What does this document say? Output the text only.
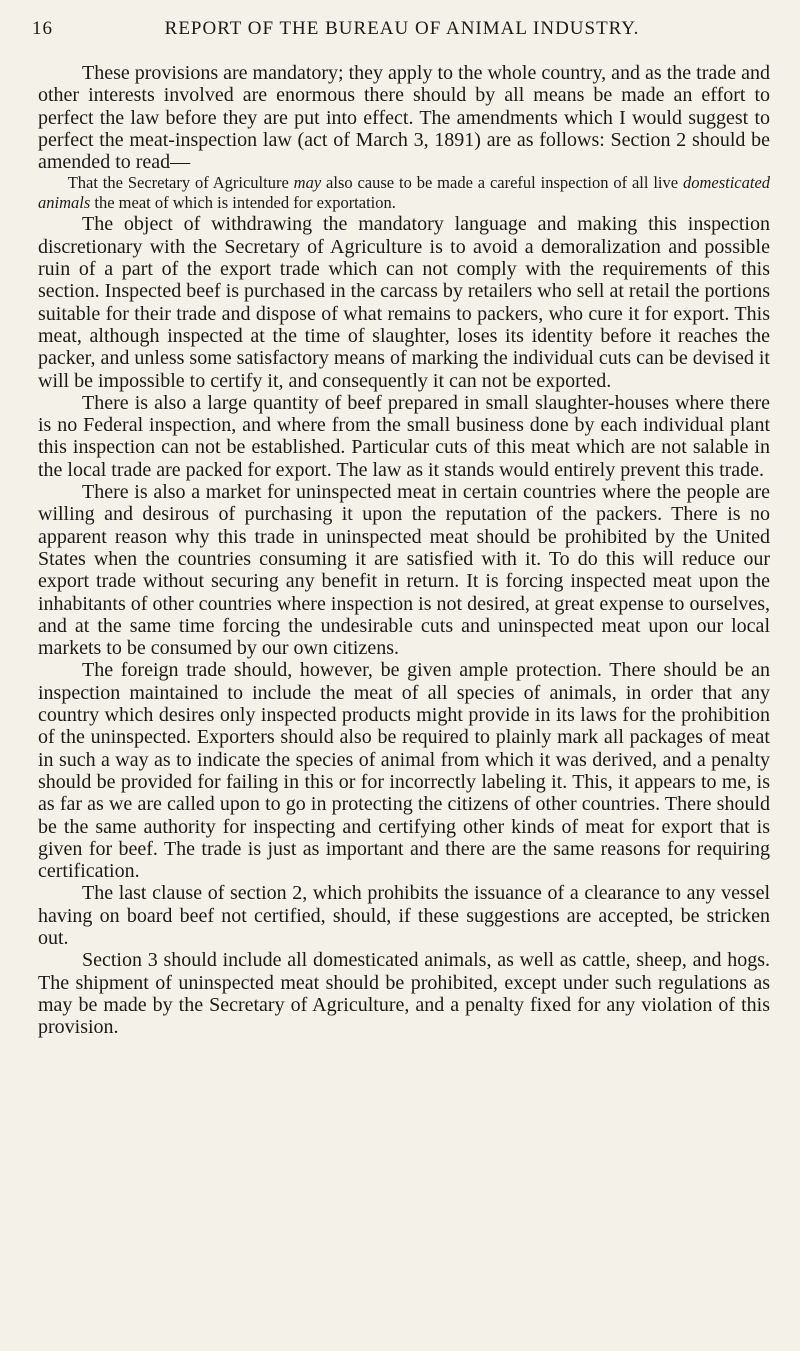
16	REPORT OF THE BUREAU OF ANIMAL INDUSTRY.

These provisions are mandatory; they apply to the whole country, and as the trade and other interests involved are enormous there should by all means be made an effort to perfect the law before they are put into effect. The amendments which I would suggest to perfect the meat-inspection law (act of March 3, 1891) are as follows: Section 2 should be amended to read—

That the Secretary of Agriculture may also cause to be made a careful inspection of all live domesticated animals the meat of which is intended for exportation.

The object of withdrawing the mandatory language and making this inspection discretionary with the Secretary of Agriculture is to avoid a demoralization and possible ruin of a part of the export trade which can not comply with the requirements of this section. Inspected beef is purchased in the carcass by retailers who sell at retail the portions suitable for their trade and dispose of what remains to packers, who cure it for export. This meat, although inspected at the time of slaughter, loses its identity before it reaches the packer, and unless some satisfactory means of marking the individual cuts can be devised it will be impossible to certify it, and consequently it can not be exported.

There is also a large quantity of beef prepared in small slaughter-houses where there is no Federal inspection, and where from the small business done by each individual plant this inspection can not be established. Particular cuts of this meat which are not salable in the local trade are packed for export. The law as it stands would entirely prevent this trade.

There is also a market for uninspected meat in certain countries where the people are willing and desirous of purchasing it upon the reputation of the packers. There is no apparent reason why this trade in uninspected meat should be prohibited by the United States when the countries consuming it are satisfied with it. To do this will reduce our export trade without securing any benefit in return. It is forcing inspected meat upon the inhabitants of other countries where inspection is not desired, at great expense to ourselves, and at the same time forcing the undesirable cuts and uninspected meat upon our local markets to be consumed by our own citizens.

The foreign trade should, however, be given ample protection. There should be an inspection maintained to include the meat of all species of animals, in order that any country which desires only inspected products might provide in its laws for the prohibition of the uninspected. Exporters should also be required to plainly mark all packages of meat in such a way as to indicate the species of animal from which it was derived, and a penalty should be provided for failing in this or for incorrectly labeling it. This, it appears to me, is as far as we are called upon to go in protecting the citizens of other countries. There should be the same authority for inspecting and certifying other kinds of meat for export that is given for beef. The trade is just as important and there are the same reasons for requiring certification.

The last clause of section 2, which prohibits the issuance of a clearance to any vessel having on board beef not certified, should, if these suggestions are accepted, be stricken out.

Section 3 should include all domesticated animals, as well as cattle, sheep, and hogs. The shipment of uninspected meat should be prohibited, except under such regulations as may be made by the Secretary of Agriculture, and a penalty fixed for any violation of this provision.
